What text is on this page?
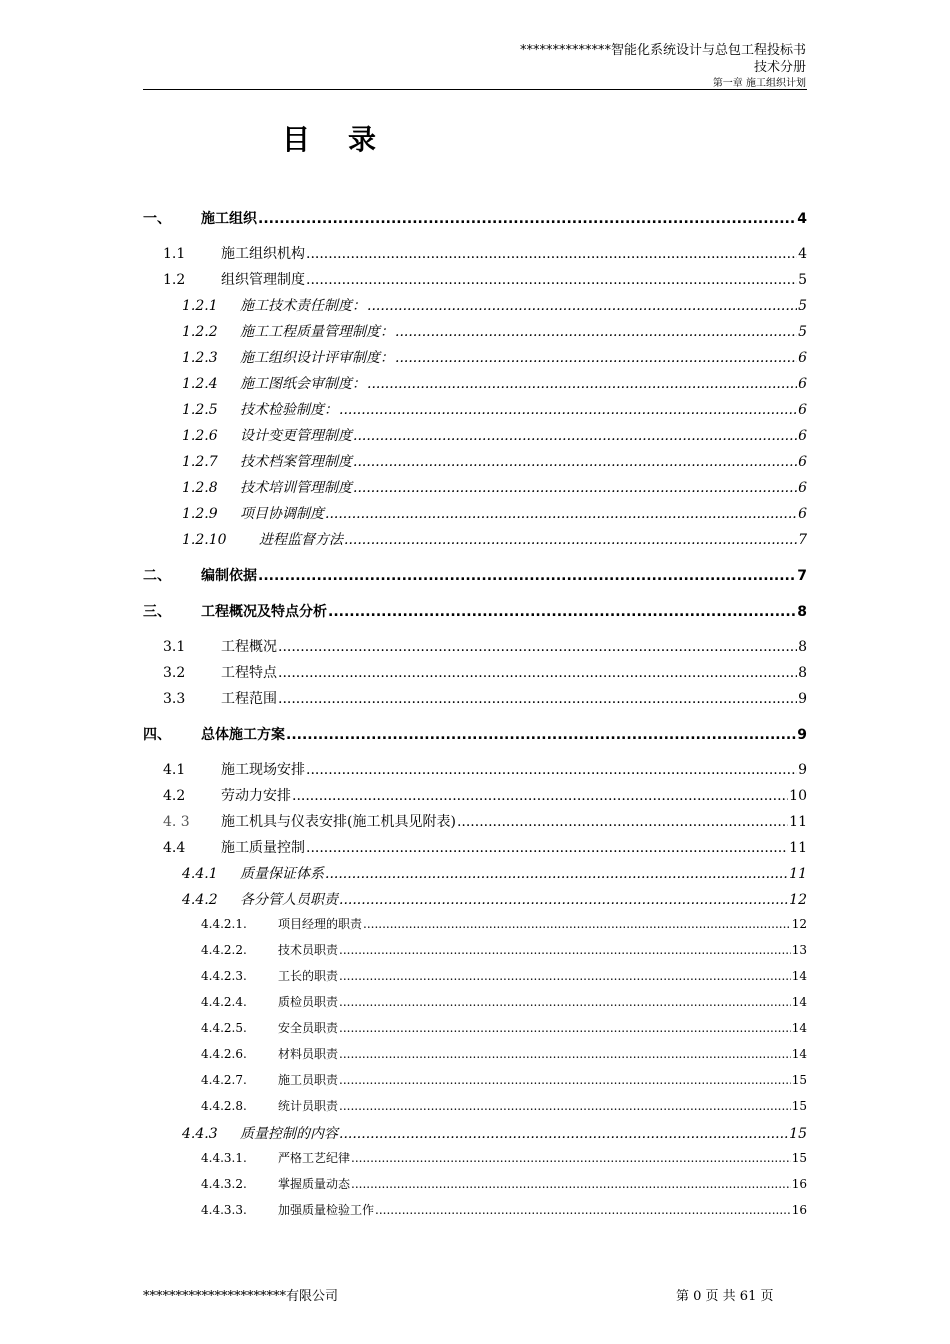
**************智能化系统设计与总包工程投标书
技术分册
第一章 施工组织计划
目录
一、	施工组织 .....	4
1.1	施工组织机构 .....	4
1.2	组织管理制度 .....	5
1.2.1	施工技术责任制度： .....	5
1.2.2	施工工程质量管理制度： .....	5
1.2.3	施工组织设计评审制度： .....	6
1.2.4	施工图纸会审制度： .....	6
1.2.5	技术检验制度： .....	6
1.2.6	设计变更管理制度 .....	6
1.2.7	技术档案管理制度 .....	6
1.2.8	技术培训管理制度 .....	6
1.2.9	项目协调制度 .....	6
1.2.10	进程监督方法 .....	7
二、	编制依据 .....	7
三、	工程概况及特点分析 .....	8
3.1	工程概况 .....	8
3.2	工程特点 .....	8
3.3	工程范围 .....	9
四、	总体施工方案 .....	9
4.1	施工现场安排 .....	9
4.2	劳动力安排 .....	10
4. 3	施工机具与仪表安排(施工机具见附表) .....	11
4.4	施工质量控制 .....	11
4.4.1	质量保证体系 .....	11
4.4.2	各分管人员职责 .....	12
4.4.2.1.	项目经理的职责 .....	12
4.4.2.2.	技术员职责 .....	13
4.4.2.3.	工长的职责 .....	14
4.4.2.4.	质检员职责 .....	14
4.4.2.5.	安全员职责 .....	14
4.4.2.6.	材料员职责 .....	14
4.4.2.7.	施工员职责 .....	15
4.4.2.8.	统计员职责 .....	15
4.4.3	质量控制的内容 .....	15
4.4.3.1.	严格工艺纪律 .....	15
4.4.3.2.	掌握质量动态 .....	16
4.4.3.3.	加强质量检验工作 .....	16
**********************有限公司	第 0 页 共 61 页
